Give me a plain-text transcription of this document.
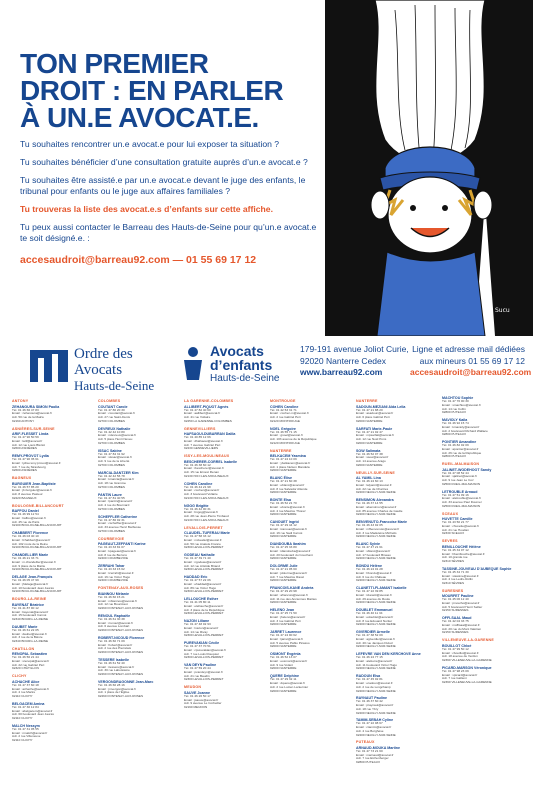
TON PREMIER
DROIT : EN PARLER
À UN.E AVOCAT.E.

Tu souhaites rencontrer un.e avocat.e pour lui exposer ta situation ?

Tu souhaites bénéficier d’une consultation gratuite auprès d’un.e avocat.e ?

Tu souhaites être assisté.e par un.e avocat.e devant le juge des enfants, le tribunal pour enfants ou le juge aux affaires familiales ?

Tu trouveras la liste des avocat.e.s d’enfants sur cette affiche.

Tu peux aussi contacter le Barreau des Hauts-de-Seine pour qu’un.e avocat.e te soit désigné.e. :

accesaudroit@barreau92.com — 01 55 69 17 12
Sucu
Ordre des Avocats
Hauts-de-Seine
Avocats
d’enfants
Hauts-de-Seine
179-191 avenue Joliot Curie,
92020 Nanterre Cedex
www.barreau92.com
Ligne et adresse mail dédiées
aux mineurs 01 55 69 17 12
accesaudroit@barreau92.com
ANTONY
ZEHANOURA SIMON Paolia
Tél. 01 46 66 47 83
Email : zehanoura@avocat.fr
Adr. 50 rue de la Mairie
92160 ANTONY
ASNIÈRES-SUR-SEINE
ARIF-FLESSET Linda
Tél. 01 47 90 50 59
Email : larif@avocat.fr
Adr. 12 rue Louis Blériot
92600 ASNIÈRES
REMY-PROVOT Lydia
Tél. 01 47 90 35 61
Email : lydia.remy.provot@avocat.fr
Adr. 7 rue de Strasbourg
92600 ASNIÈRES
BAGNEUX
BURGUIER Jean-Baptiste
Tél. 01 46 57 85 20
Email : jb.burguier@avocat.fr
Adr. 8 avenue Pasteur
92220 BAGNEUX
BOULOGNE-BILLANCOURT
BAFFOU Daniel
Tél. 01 46 99 12 54
Email : baffou@avocat.fr
Adr. 45 rue de Paris
92100 BOULOGNE-BILLANCOURT
CHABBERT Florence
Tél. 01 46 03 40 10
Email : fchabbert@avocat.fr
Adr. 102 route de la Reine
92100 BOULOGNE-BILLANCOURT
CHANDELLIER Marie
Tél. 01 46 21 33 71
Email : m.chandellier@avocat.fr
Adr. 9 place de la Mairie
92100 BOULOGNE-BILLANCOURT
DELAGE Jean-François
Tél. 01 46 05 47 99
Email : jfdelage@avocat.fr
Adr. 10 boulevard Jean Jaurès
92100 BOULOGNE-BILLANCOURT
BOURG-LA-REINE
BAYENAT Béatrice
Tél. 01 41 87 90 12
Email : bayenat@avocat.fr
Adr. 15 boulevard Carnot
92340 BOURG-LA-REINE
DAUBET Marie
Tél. 01 46 61 22 05
Email : daubet@avocat.fr
Adr. 3 rue de la Bièvre
92340 BOURG-LA-REINE
CHATILLON
RENOPAL Sebastien
Tél. 01 46 56 21 44
Email : srenopal@avocat.fr
Adr. 22 rue Gabriel Péri
92320 CHÂTILLON
CLICHY
ACHACHE Alice
Tél. 01 47 37 60 18
Email : achache@avocat.fr
Adr. 4 rue Martre
92110 CLICHY
BELGACEM Amina
Tél. 01 47 30 12 84
Email : abelgacem@avocat.fr
Adr. 60 boulevard Jean Jaurès
92110 CLICHY
MALCH Nessym
Tél. 01 47 31 05 55
Email : nmalch@avocat.fr
Adr. 2 rue Villeneuve
92110 CLICHY
COLOMBES
COUTANT Carole
Tél. 01 47 80 20 30
Email : ccoutant@avocat.fr
Adr. 27 rue Saint-Denis
92700 COLOMBES
DEVREUX Nathalie
Tél. 01 42 42 10 80
Email : ndevreux@avocat.fr
Adr. 5 place Henri Neveu
92700 COLOMBES
ISSAC Sabine
Tél. 01 47 84 31 92
Email : sissac@avocat.fr
Adr. 9 rue de la Liberté
92700 COLOMBES
MARCIA-DANTZER Kim
Tél. 01 42 42 56 78
Email : kmarcia@avocat.fr
Adr. 18 rue Gramme
92700 COLOMBES
PANTIN Laure
Tél. 01 47 81 40 55
Email : lpantin@avocat.fr
Adr. 4 rue du Bournard
92700 COLOMBES
SCHEFFLER Catherine
Tél. 01 47 86 02 31
Email : cscheffler@avocat.fr
Adr. 33 avenue Henri Barbusse
92700 COLOMBES
COURBEVOIE
PAGEAUT-ZEFFANTI Karine
Tél. 01 43 33 81 07
Email : kpageaut@avocat.fr
Adr. 8 rue de Bezons
92400 COURBEVOIE
ZERRAHI Tahar
Tél. 01 43 33 15 62
Email : tzerrahi@avocat.fr
Adr. 16 rue Victor Hugo
92400 COURBEVOIE
FONTENAY-AUX-ROSES
BIANNOU Mélanie
Tél. 01 46 60 15 21
Email : mbiannou@avocat.fr
Adr. 12 rue Boucicaut
92260 FONTENAY-AUX-ROSES
RENOUL Raphaële
Tél. 01 46 61 30 38
Email : rrenoul@avocat.fr
Adr. 6 avenue Lombart
92260 FONTENAY-AUX-ROSES
ROBERT-NICOUD Florence
Tél. 01 46 60 71 09
Email : frobert@avocat.fr
Adr. 2 rue des Pierrelais
92260 FONTENAY-AUX-ROSES
TESSERE Isabelle
Tél. 01 46 61 52 40
Email : itessere@avocat.fr
Adr. 30 rue Laboissière
92260 FONTENAY-AUX-ROSES
VERGONDRAGONNE Jean-Marc
Tél. 01 46 60 28 16
Email : jmvergon@avocat.fr
Adr. 1 place de l’Église
92260 FONTENAY-AUX-ROSES
LA GARENNE-COLOMBES
ALLIBERT-PIQUOT Agnès
Tél. 01 47 82 40 60
Email : aallibert@avocat.fr
Adr. 41 rue Voltaire
92250 LA GARENNE-COLOMBES
GENNEVILLIERS
HAFSAOUI-DUBARRAN Dalila
Tél. 01 40 85 12 66
Email : dhafsaoui@avocat.fr
Adr. 7 avenue Gabriel Péri
92230 GENNEVILLIERS
ISSY-LES-MOULINEAUX
BESCHERER-CORREL Isabelle
Tél. 01 46 38 60 12
Email : ibescherer@avocat.fr
Adr. 15 rue Ernest Renan
92130 ISSY-LES-MOULINEAUX
COHEN Caroline
Tél. 01 46 44 21 98
Email : ccohen@avocat.fr
Adr. 3 boulevard Voltaire
92130 ISSY-LES-MOULINEAUX
NGOG Brigitte
Tél. 01 46 42 00 31
Email : bngog@avocat.fr
Adr. 28 rue Jean-Pierre Timbaud
92130 ISSY-LES-MOULINEAUX
LEVALLOIS-PERRET
CLAUDEL-TUFERAU Marie
Tél. 01 47 58 33 12
Email : mclaudel@avocat.fr
Adr. 50 rue Anatole France
92300 LEVALLOIS-PERRET
GODEAU Nathalie
Tél. 01 47 39 71 40
Email : ngodeau@avocat.fr
Adr. 12 rue Aristide Briand
92300 LEVALLOIS-PERRET
HADDAD Eric
Tél. 01 47 57 22 06
Email : ehaddad@avocat.fr
Adr. 89 rue Victor Hugo
92300 LEVALLOIS-PERRET
LELLOUCHE Esther
Tél. 01 41 05 80 11
Email : elellouche@avocat.fr
Adr. 3 place de la République
92300 LEVALLOIS-PERRET
NAZON Liliane
Tél. 01 47 48 02 93
Email : lnazon@avocat.fr
Adr. 14 rue Rivay
92300 LEVALLOIS-PERRET
PUREVAKIAN Cécile
Tél. 01 47 37 70 51
Email : cpurevakian@avocat.fr
Adr. 7 rue Louis Rouquier
92300 LEVALLOIS-PERRET
VAN DEYN Pauline
Tél. 01 47 59 20 44
Email : pvandeyn@avocat.fr
Adr. 21 rue Baudin
92300 LEVALLOIS-PERRET
MEUDON
SAUVE Joanne
Tél. 01 46 26 50 17
Email : jsauve@avocat.fr
Adr. 9 avenue Le Corbeiller
92190 MEUDON
MONTROUGE
COHEN Caroline
Tél. 01 42 53 31 71
Email : ccohen.m@avocat.fr
Adr. 2 rue Gabriel Péri
92120 MONTROUGE
NOEL Grégoire
Tél. 01 46 55 71 15
Email : gnoel@avocat.fr
Adr. 103 avenue de la République
92120 MONTROUGE
NANTERRE
BELKACEM Yasmina
Tél. 01 47 24 10 09
Email : ybelkacem@avocat.fr
Adr. 1 place Nelson Mandela
92000 NANTERRE
BLANC Élise
Tél. 01 47 21 60 38
Email : eblanc@avocat.fr
Adr. 8 rue Salvador Allende
92000 NANTERRE
BONTE Elsa
Tél. 01 46 52 21 70
Email : ebonte@avocat.fr
Adr. 4 rue Maurice Thorez
92000 NANTERRE
CANOUET Ingrid
Tél. 01 47 29 44 12
Email : icanouet@avocat.fr
Adr. 16 rue Sadi Carnot
92000 NANTERRE
DIANDOUBA Ibrahim
Tél. 01 47 25 33 80
Email : idiandouba@avocat.fr
Adr. 20 boulevard du Couchant
92000 NANTERRE
DOLORME Julie
Tél. 01 47 21 05 60
Email : jdolorme@avocat.fr
Adr. 7 rue Maurice Ravel
92000 NANTERRE
FRANCOIS-KANE Andréa
Tél. 01 47 29 20 98
Email : afrancois@avocat.fr
Adr. 11 rue des Anciennes Mairies
92000 NANTERRE
HELENO Jean
Tél. 01 47 25 71 50
Email : jheleno@avocat.fr
Adr. 3 rue Gabriel Péri
92000 NANTERRE
JARRET Laurence
Tél. 01 47 24 90 62
Email : ljarret@avocat.fr
Adr. 5 avenue Pablo Picasso
92000 NANTERRE
OSMONT Evgénia
Tél. 01 46 52 13 07
Email : eosmont@avocat.fr
Adr. 9 rue Volant
92000 NANTERRE
QUERE Delphine
Tél. 01 47 29 32 11
Email : dquere@avocat.fr
Adr. 2 rue Lucien Lanternier
92000 NANTERRE
NANTERRE
SADOUN-MEZIANI Aïda Lella
Tél. 01 47 21 88 20
Email : asadoun@avocat.fr
Adr. 6 place Gabriel Péri
92000 NANTERRE
SARFATI Marie-Paule
Tél. 01 47 21 02 47
Email : mpsarfati@avocat.fr
Adr. 12 rue Noël Pons
92000 NANTERRE
SOW Salimata
Tél. 01 46 52 07 38
Email : ssow@avocat.fr
Adr. 14 avenue Arago
92000 NANTERRE
NEUILLY-SUR-SEINE
AL YAMIL Lina
Tél. 01 46 24 60 13
Email : lalyamil@avocat.fr
Adr. 22 rue de Chartres
92200 NEUILLY-SUR-SEINE
BENSIMON Alexandra
Tél. 01 46 37 14 55
Email : abensimon@avocat.fr
Adr. 85 avenue Charles de Gaulle
92200 NEUILLY-SUR-SEINE
BENVENUTO-Francoise Marie
Tél. 01 46 43 92 05
Email : mfbenvenuto@avocat.fr
Adr. 3 rue Madeleine Michelis
92200 NEUILLY-SUR-SEINE
BLANC Sylvie
Tél. 01 47 47 21 61
Email : sblanc@avocat.fr
Adr. 17 boulevard Bineau
92200 NEUILLY-SUR-SEINE
BONDU Hélène
Tél. 01 46 24 01 28
Email : hbondu@avocat.fr
Adr. 6 rue du Château
92200 NEUILLY-SUR-SEINE
CLANETTI-FLAMANT Isabelle
Tél. 01 47 22 39 85
Email : iclanetti@avocat.fr
Adr. 29 avenue du Roule
92200 NEUILLY-SUR-SEINE
DOUBLET Emmanuel
Tél. 01 46 40 11 34
Email : edoublet@avocat.fr
Adr. 8 rue Edouard Nortier
92200 NEUILLY-SUR-SEINE
GIVERDIER Armelle
Tél. 01 47 38 52 09
Email : agiverdier@avocat.fr
Adr. 40 rue Jacques Dulud
92200 NEUILLY-SUR-SEINE
LEFEVRE VAN DEN KERCHOVE Anne
Tél. 01 46 24 77 15
Email : alefevre@avocat.fr
Adr. 11 boulevard Victor Hugo
92200 NEUILLY-SUR-SEINE
RADOUN Elsa
Tél. 01 47 45 02 81
Email : eradoun@avocat.fr
Adr. 2 rue de Longchamp
92200 NEUILLY-SUR-SEINE
RAYNAUT Pauline
Tél. 01 46 37 60 42
Email : praynaut@avocat.fr
Adr. 18 rue Ybry
92200 NEUILLY-SUR-SEINE
TAMIM-SEBAH Cyline
Tél. 01 47 22 08 67
Email : ctamim@avocat.fr
Adr. 4 rue Borghèse
92200 NEUILLY-SUR-SEINE
PUTEAUX
ARNAUD-MOUKA Martine
Tél. 01 47 73 21 60
Email : marnaud@avocat.fr
Adr. 7 rue Eichenberger
92800 PUTEAUX
MACHTOU Sophie
Tél. 01 47 76 00 30
Email : smachtou@avocat.fr
Adr. 14 rue Collin
92800 PUTEAUX
MAVIOLY Kaila
Tél. 01 46 92 15 74
Email : kmavioly@avocat.fr
Adr. 2 boulevard Richard Wallace
92800 PUTEAUX
PONTIER Amandine
Tél. 01 46 82 02 09
Email : apontier@avocat.fr
Adr. 26 rue de la République
92800 PUTEAUX
RUEIL-MALMAISON
JALINET-WODEHOOT Sandy
Tél. 01 47 08 52 44
Email : sjalinet@avocat.fr
Adr. 9 rue Jean Le Coz
92500 RUEIL-MALMAISON
LETROUBLE Arnaud
Tél. 01 47 51 09 16
Email : aletrouble@avocat.fr
Adr. 33 avenue Paul Doumer
92500 RUEIL-MALMAISON
SCEAUX
HUVETTE Camille
Tél. 01 43 50 21 77
Email : chuvette@avocat.fr
Adr. 21 rue Houdan
92330 SCEAUX
SEVRES
BENILLOUCHE Hélène
Tél. 01 45 34 07 12
Email : hbenillouche@avocat.fr
Adr. 10 grande rue
92310 SÈVRES
TASSINE-JOUVEAU D’AUBEQUE Sophie
Tél. 01 45 34 71 30
Email : stassine@avocat.fr
Adr. 4 rue Ledru-Rollin
92310 SÈVRES
SURESNES
MOURFET Pauline
Tél. 01 45 06 12 40
Email : pmourfet@avocat.fr
Adr. 5 boulevard Henri Sellier
92150 SURESNES
OFFI-SAAL Maud
Tél. 01 42 04 33 75
Email : moffisaal@avocat.fr
Adr. 20 rue du Mont Valérien
92150 SURESNES
VILLENEUVE-LA-GARENNE
BOUILLOT Chloé
Tél. 01 47 99 50 12
Email : cbouillot@avocat.fr
Adr. 18 avenue de Verdun
92390 VILLENEUVE-LA-GARENNE
PICARD-MARSON Véronique
Tél. 01 47 98 23 09
Email : vpicard@avocat.fr
Adr. 7 rue Gallieni
92390 VILLENEUVE-LA-GARENNE
